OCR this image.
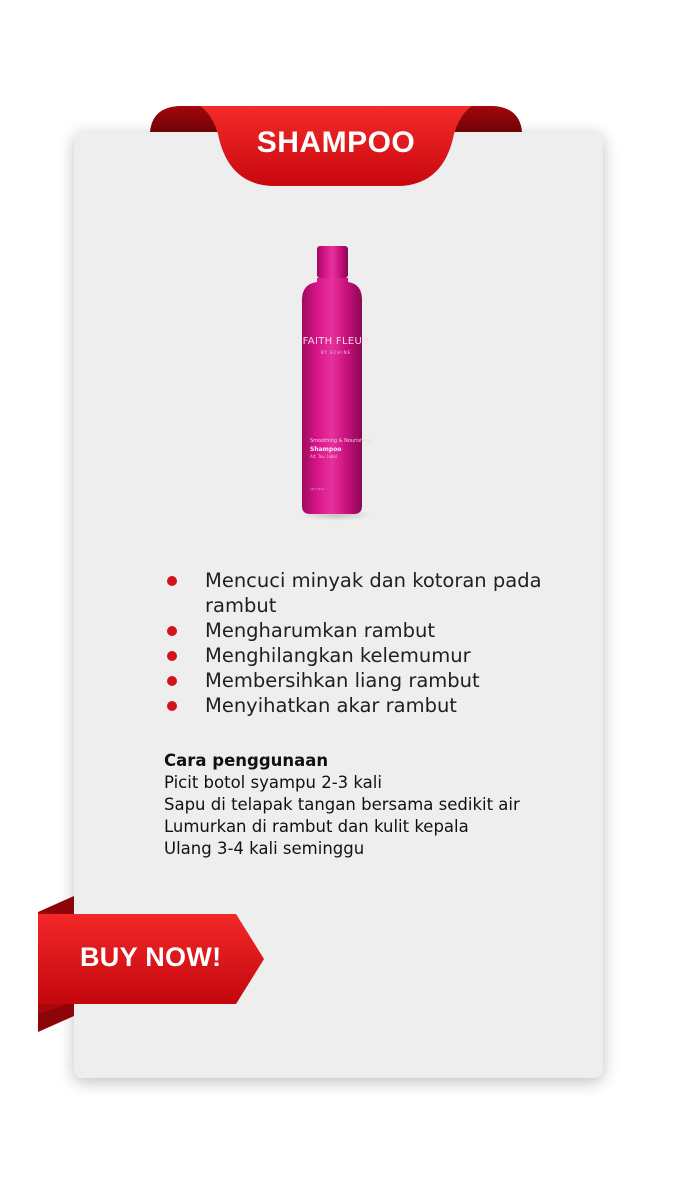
SHAMPOO
FAITH FLEUR
BY ECHINE
Smoothing & Nourishing
Shampoo
Alt. Tou. label
...
16.7 fl oz
Mencuci minyak dan kotoran pada rambut
Mengharumkan rambut
Menghilangkan kelemumur
Membersihkan liang rambut
Menyihatkan akar rambut
Cara penggunaan
Picit botol syampu 2-3 kali
Sapu di telapak tangan bersama sedikit air
Lumurkan di rambut dan kulit kepala
Ulang 3-4 kali seminggu
BUY NOW!
